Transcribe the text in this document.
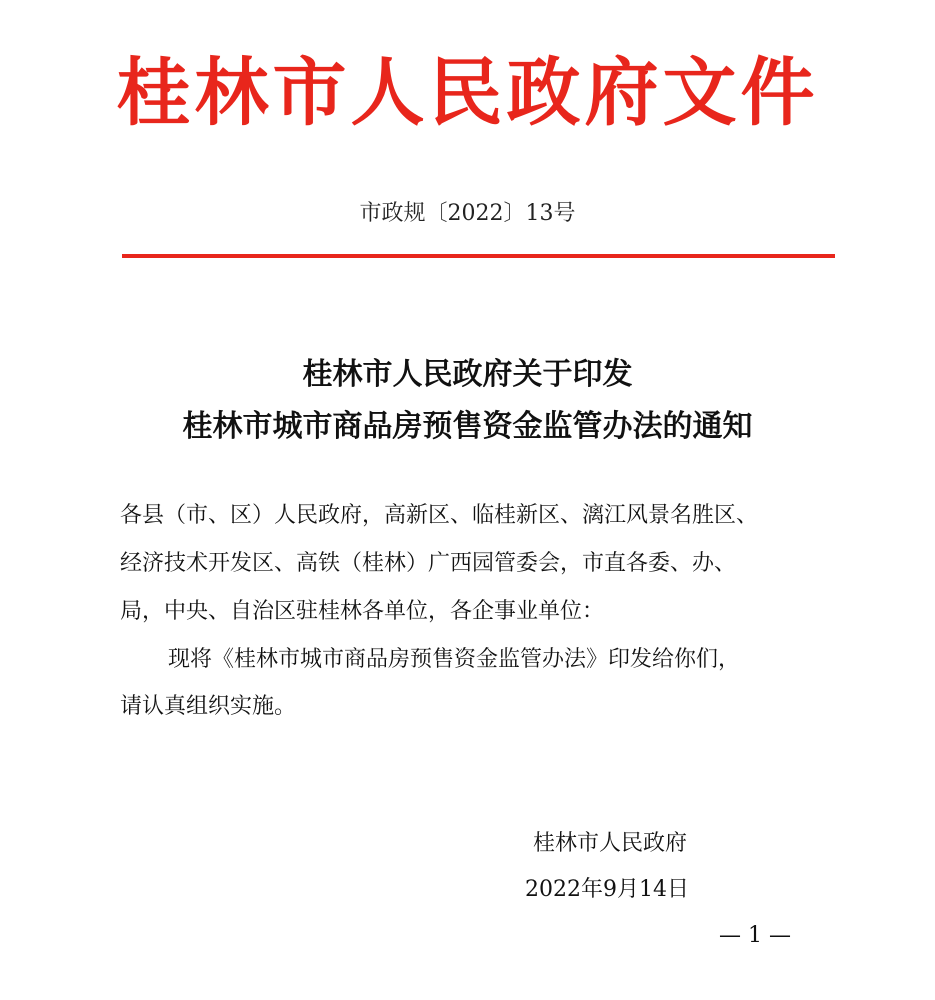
桂林市人民政府文件
市政规〔2022〕13号
桂林市人民政府关于印发
桂林市城市商品房预售资金监管办法的通知
各县（市、区）人民政府，高新区、临桂新区、漓江风景名胜区、
经济技术开发区、高铁（桂林）广西园管委会，市直各委、办、
局，中央、自治区驻桂林各单位，各企事业单位：
现将《桂林市城市商品房预售资金监管办法》印发给你们，
请认真组织实施。
桂林市人民政府
2022年9月14日
— 1 —
